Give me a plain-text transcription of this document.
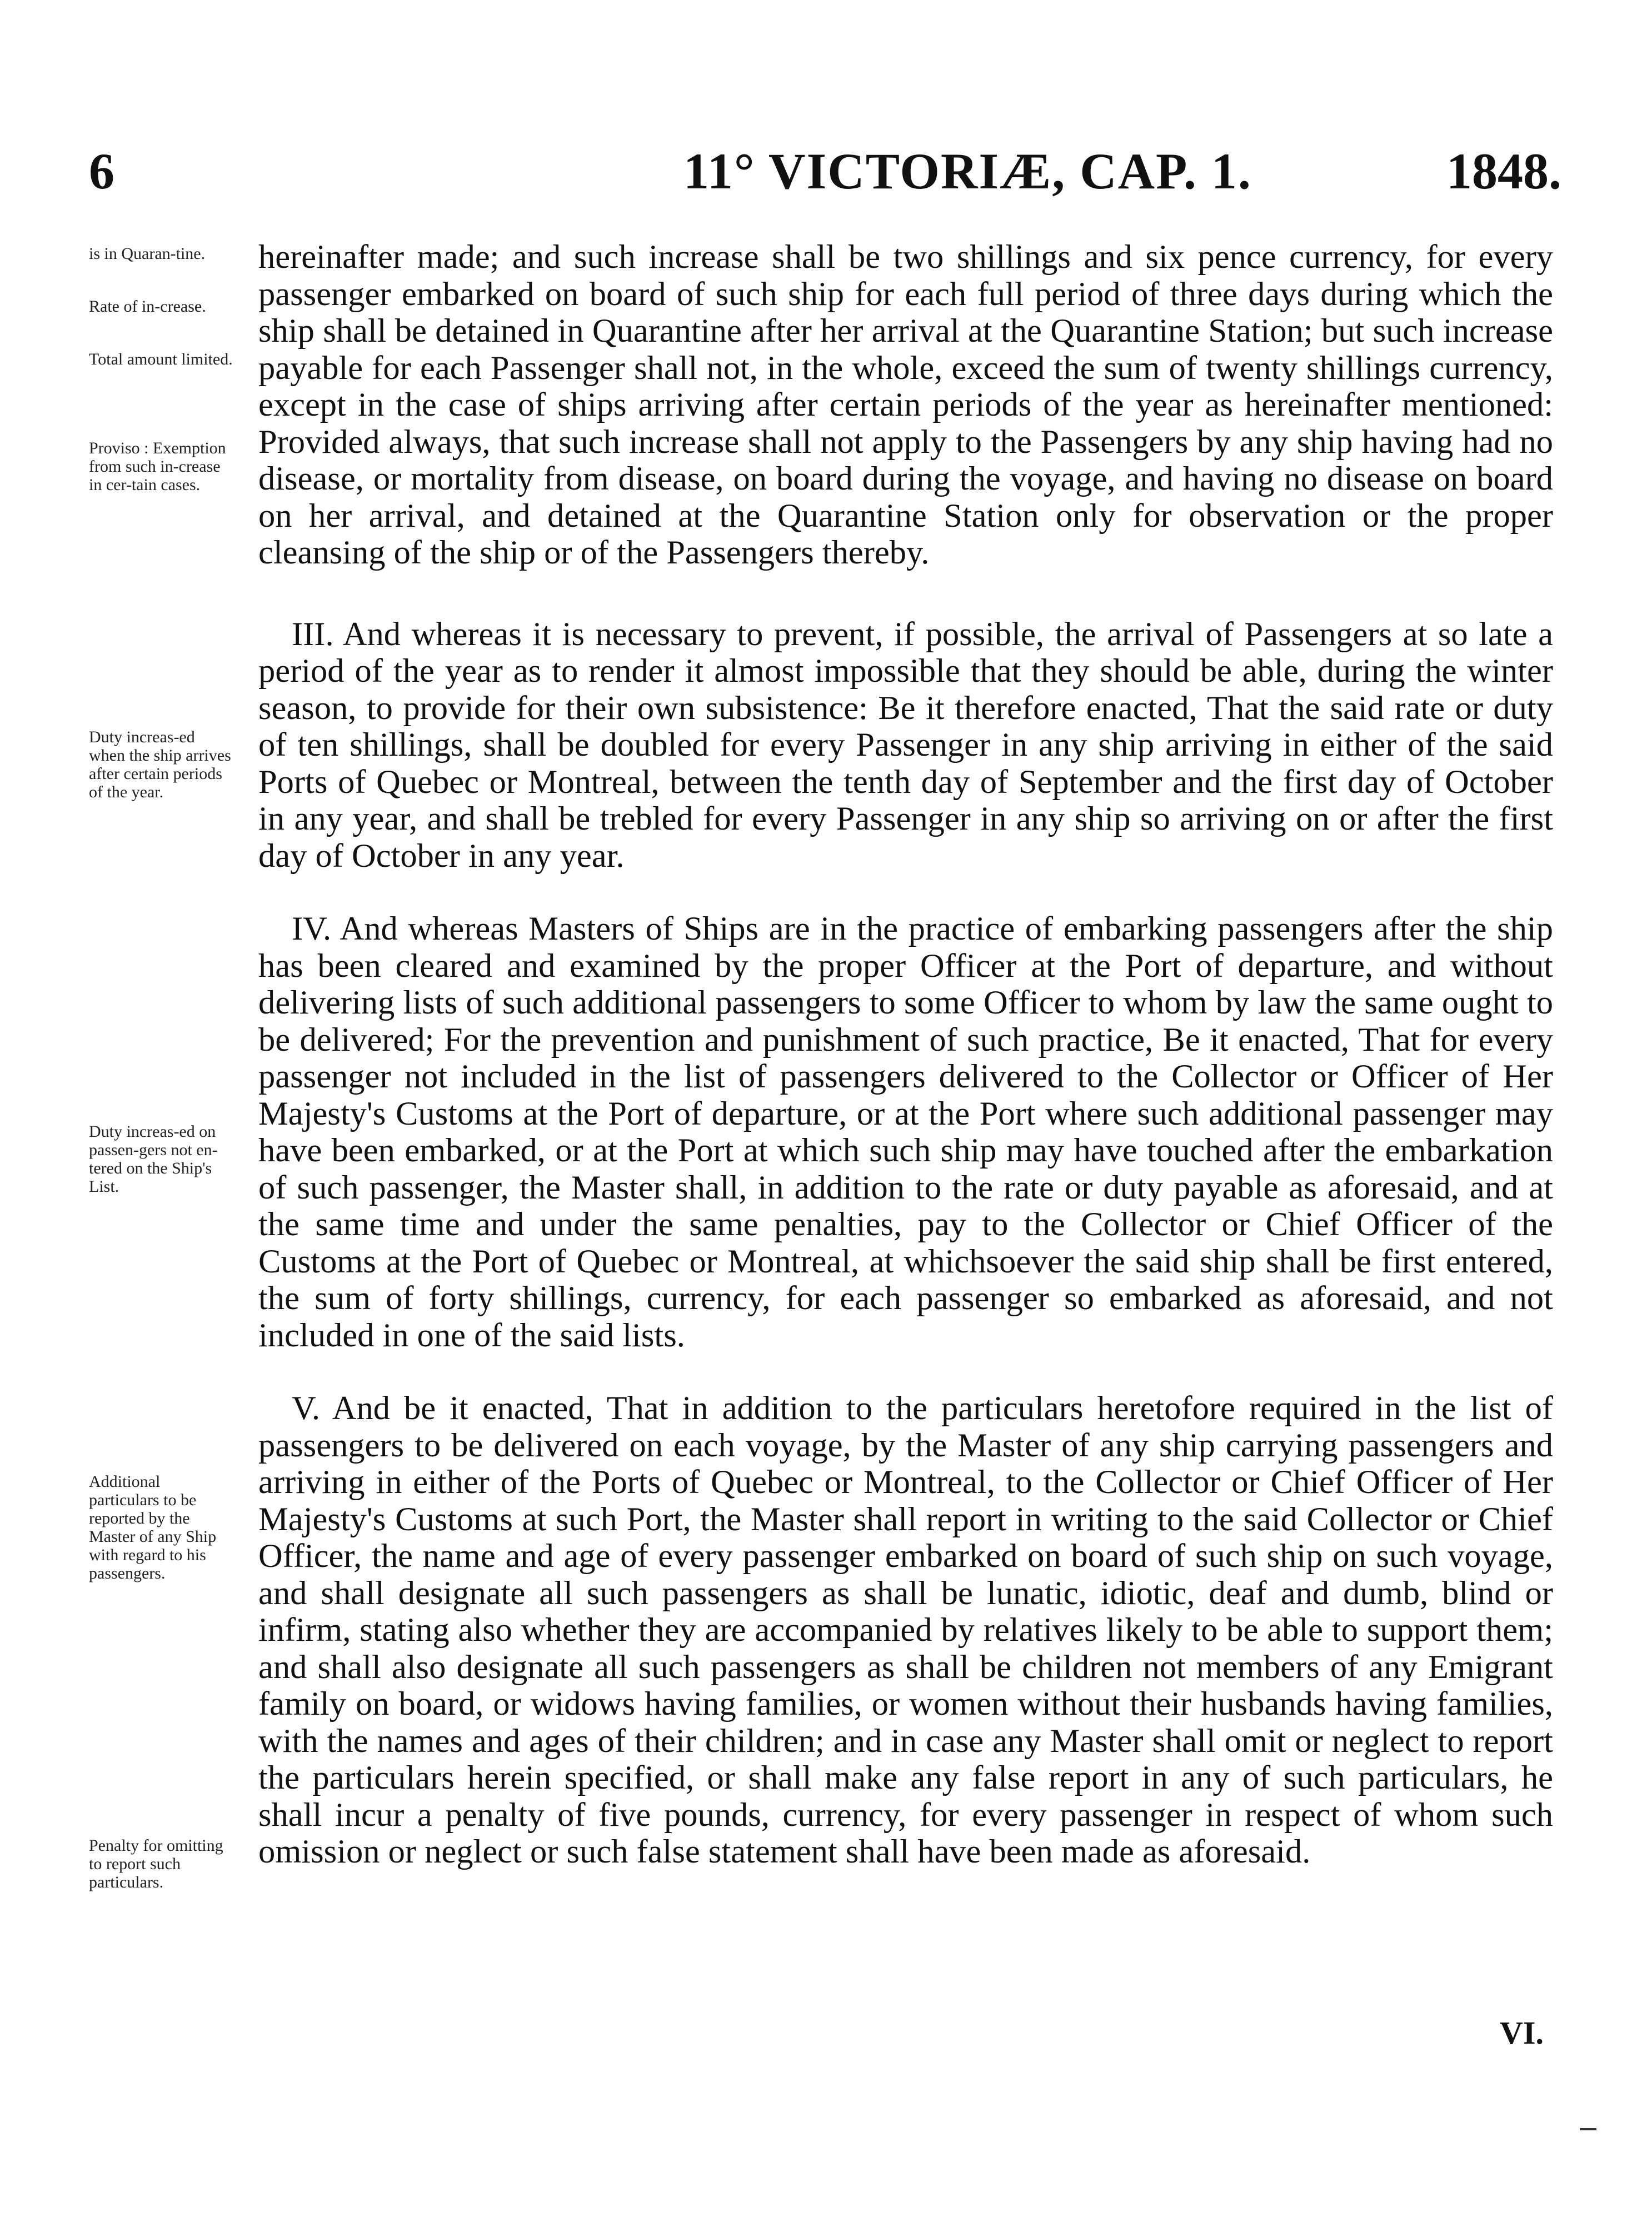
6	11° VICTORIÆ, CAP. 1.	1848.
is in Quaran-tine.
Rate of in-crease.
Total amount limited.
Proviso : Exemption from such in-crease in cer-tain cases.
Duty increas-ed when the ship arrives after certain periods of the year.
Duty increas-ed on passen-gers not en-tered on the Ship's List.
Additional particulars to be reported by the Master of any Ship with regard to his passengers.
Penalty for omitting to report such particulars.

hereinafter made; and such increase shall be two shillings and six pence currency, for every passenger embarked on board of such ship for each full period of three days during which the ship shall be detained in Quarantine after her arrival at the Quarantine Station; but such increase payable for each Passenger shall not, in the whole, exceed the sum of twenty shillings currency, except in the case of ships arriving after certain periods of the year as hereinafter mentioned: Provided always, that such increase shall not apply to the Passengers by any ship having had no disease, or mortality from disease, on board during the voyage, and having no disease on board on her arrival, and detained at the Quarantine Station only for observation or the proper cleansing of the ship or of the Passengers thereby.

III. And whereas it is necessary to prevent, if possible, the arrival of Passengers at so late a period of the year as to render it almost impossible that they should be able, during the winter season, to provide for their own subsistence: Be it therefore enacted, That the said rate or duty of ten shillings, shall be doubled for every Passenger in any ship arriving in either of the said Ports of Quebec or Montreal, between the tenth day of September and the first day of October in any year, and shall be trebled for every Passenger in any ship so arriving on or after the first day of October in any year.

IV. And whereas Masters of Ships are in the practice of embarking passengers after the ship has been cleared and examined by the proper Officer at the Port of departure, and without delivering lists of such additional passengers to some Officer to whom by law the same ought to be delivered; For the prevention and punishment of such practice, Be it enacted, That for every passenger not included in the list of passengers delivered to the Collector or Officer of Her Majesty's Customs at the Port of departure, or at the Port where such additional passenger may have been embarked, or at the Port at which such ship may have touched after the embarkation of such passenger, the Master shall, in addition to the rate or duty payable as aforesaid, and at the same time and under the same penalties, pay to the Collector or Chief Officer of the Customs at the Port of Quebec or Montreal, at whichsoever the said ship shall be first entered, the sum of forty shillings, currency, for each passenger so embarked as aforesaid, and not included in one of the said lists.

V. And be it enacted, That in addition to the particulars heretofore required in the list of passengers to be delivered on each voyage, by the Master of any ship carrying passengers and arriving in either of the Ports of Quebec or Montreal, to the Collector or Chief Officer of Her Majesty's Customs at such Port, the Master shall report in writing to the said Collector or Chief Officer, the name and age of every passenger embarked on board of such ship on such voyage, and shall designate all such passengers as shall be lunatic, idiotic, deaf and dumb, blind or infirm, stating also whether they are accompanied by relatives likely to be able to support them; and shall also designate all such passengers as shall be children not members of any Emigrant family on board, or widows having families, or women without their husbands having families, with the names and ages of their children; and in case any Master shall omit or neglect to report the particulars herein specified, or shall make any false report in any of such particulars, he shall incur a penalty of five pounds, currency, for every passenger in respect of whom such omission or neglect or such false statement shall have been made as aforesaid.

VI.
